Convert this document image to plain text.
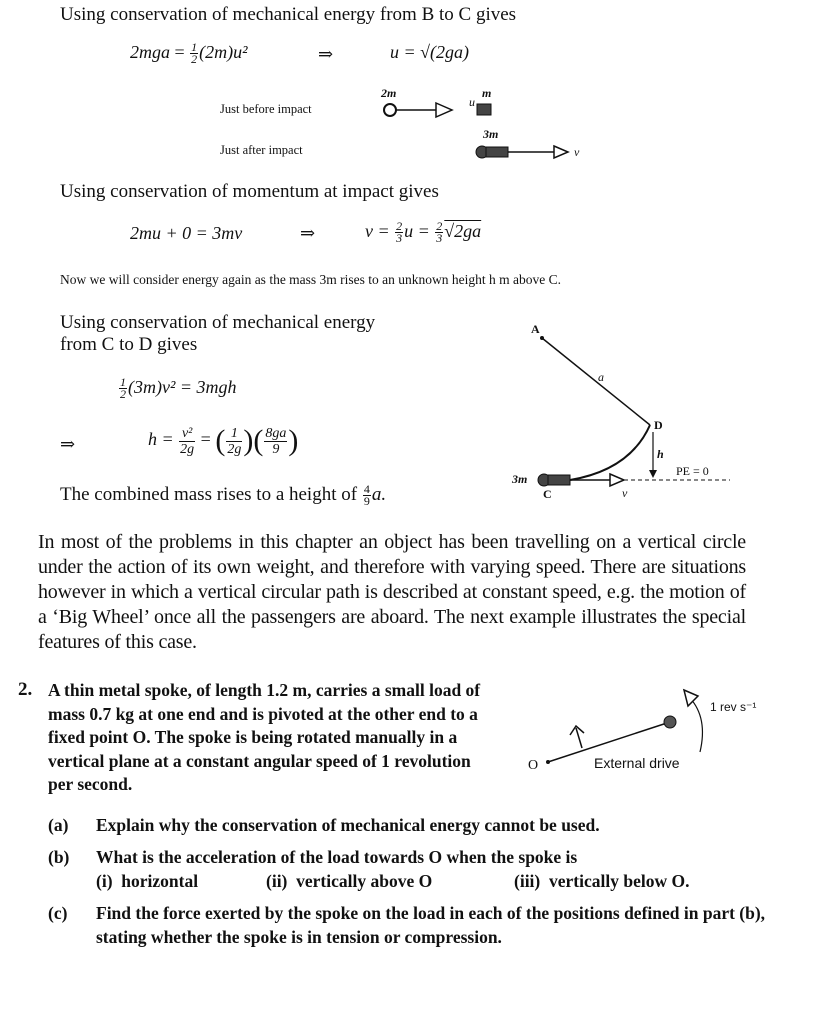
Using conservation of mechanical energy from B to C gives
$2mga = \frac{1}{2} (2m)u^2$	⇒	u = √(2ga)
Just before impact
Just after impact
2m	m
u
3m
v
Using conservation of momentum at impact gives
2mu + 0 = 3mv	⇒	$v = \frac{2}{3}$ $u = \frac{2}{3} √2ga$
Now we will consider energy again as the mass 3m rises to an unknown height h m above C.
Using conservation of mechanical energy
from C to D gives
$\frac{1}{2} (3m)v^2 = 3mgh$
⇒	$h = \frac{\text{v²}}{2g}$ = ( $\frac{1}{2g}$ )( $\frac{8ga}{9}$ )
The combined mass rises to a height of $\frac{4}{9} a$.
A
a
D
h
PE = 0
3m
C	v
In most of the problems in this chapter an object has been travelling on a vertical circle under the action of its own weight, and therefore with varying speed. There are situations however in which a vertical circular path is described at constant speed, e.g. the motion of a ‘Big Wheel’ once all the passengers are aboard. The next example illustrates the special features of this case.
2. A thin metal spoke, of length 1.2 m, carries a small load of mass 0.7 kg at one end and is pivoted at the other end to a fixed point O. The spoke is being rotated manually in a vertical plane at a constant angular speed of 1 revolution per second.
O	External drive
1 rev s⁻¹
(a) Explain why the conservation of mechanical energy cannot be used.
(b) What is the acceleration of the load towards O when the spoke is
(i)  horizontal	(ii)  vertically above O	(iii)  vertically below O.
(c) Find the force exerted by the spoke on the load in each of the positions defined in part (b), stating whether the spoke is in tension or compression.
